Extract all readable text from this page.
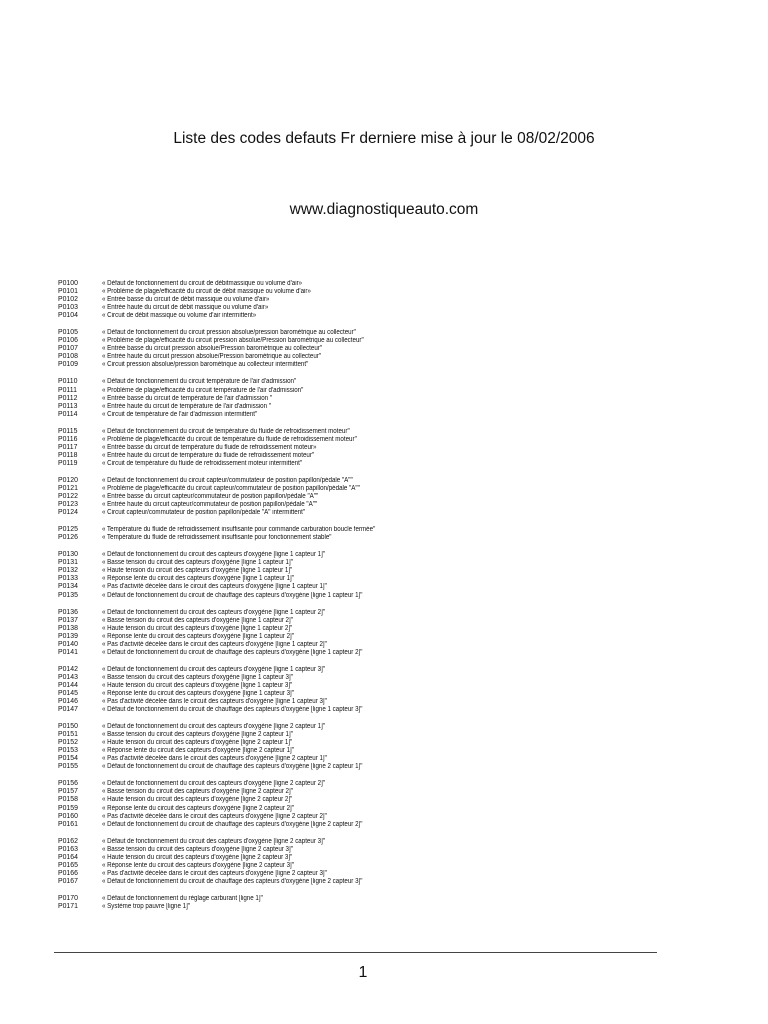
Liste des codes defauts Fr derniere mise à jour le 08/02/2006
www.diagnostiqueauto.com
P0100	« Défaut de fonctionnement du circuit de débitmassique ou volume d'air»
P0101	« Problème de plage/efficacité du circuit de débit massique ou volume d'air»
P0102	« Entrée basse du circuit de débit massique ou volume d'air»
P0103	« Entrée haute du circuit de débit massique ou volume d'air»
P0104	« Circuit de débit massique ou volume d'air intermittent»
P0105	« Défaut de fonctionnement du circuit pression absolue/pression barométrique au collecteur"
P0106	« Problème de plage/efficacité du circuit pression absolue/Pression barométrique au collecteur"
P0107	« Entrée basse du circuit pression absolue/Pression barométrique au collecteur"
P0108	« Entrée haute du circuit pression absolue/Pression barométrique au collecteur"
P0109	« Circuit pression absolue/pression barométrique au collecteur intermittent"
P0110	« Défaut de fonctionnement du circuit température de l'air d'admission"
P0111	« Problème de plage/efficacité du circuit température de l'air d'admission"
P0112	« Entrée basse du circuit de température de l'air d'admission "
P0113	« Entrée haute du circuit de température de l'air d'admission "
P0114	« Circuit de température de l'air d'admission intermittent"
P0115	« Défaut de fonctionnement du circuit de température du fluide de refroidissement moteur"
P0116	« Problème de plage/efficacité du circuit de température du fluide de refroidissement moteur"
P0117	« Entrée basse du circuit de température du fluide de refroidissement moteur»
P0118	« Entrée haute du circuit de température du fluide de refroidissement moteur"
P0119	« Circuit de température du fluide de refroidissement moteur intermittent"
P0120	« Défaut de fonctionnement du circuit capteur/commutateur de position papillon/pédale "A""
P0121	« Problème de plage/efficacité du circuit capteur/commutateur de position papillon/pédale "A""
P0122	« Entrée basse du circuit capteur/commutateur de position papillon/pédale "A""
P0123	« Entrée haute du circuit capteur/commutateur de position papillon/pédale "A""
P0124	« Circuit capteur/commutateur de position papillon/pédale "A" intermittent"
P0125	« Température du fluide de refroidissement insuffisante pour commande carburation boucle fermée"
P0126	« Température du fluide de refroidissement insuffisante pour fonctionnement stable"
P0130	« Défaut de fonctionnement du circuit des capteurs d'oxygène [ligne 1 capteur 1]"
P0131	« Basse tension du circuit des capteurs d'oxygène [ligne 1 capteur 1]"
P0132	« Haute tension du circuit des capteurs d'oxygène [ligne 1 capteur 1]"
P0133	« Réponse lente du circuit des capteurs d'oxygène [ligne 1 capteur 1]"
P0134	« Pas d'activité décelée dans le circuit des capteurs d'oxygène [ligne 1 capteur 1]"
P0135	« Défaut de fonctionnement du circuit de chauffage des capteurs d'oxygène [ligne 1 capteur 1]"
P0136	« Défaut de fonctionnement du circuit des capteurs d'oxygène [ligne 1 capteur 2]"
P0137	« Basse tension du circuit des capteurs d'oxygène [ligne 1 capteur 2]"
P0138	« Haute tension du circuit des capteurs d'oxygène [ligne 1 capteur 2]"
P0139	« Réponse lente du circuit des capteurs d'oxygène [ligne 1 capteur 2]"
P0140	« Pas d'activité décelée dans le circuit des capteurs d'oxygène [ligne 1 capteur 2]"
P0141	« Défaut de fonctionnement du circuit de chauffage des capteurs d'oxygène [ligne 1 capteur 2]"
P0142	« Défaut de fonctionnement du circuit des capteurs d'oxygène [ligne 1 capteur 3]"
P0143	« Basse tension du circuit des capteurs d'oxygène [ligne 1 capteur 3]"
P0144	« Haute tension du circuit des capteurs d'oxygène [ligne 1 capteur 3]"
P0145	« Réponse lente du circuit des capteurs d'oxygène [ligne 1 capteur 3]"
P0146	« Pas d'activité décelée dans le circuit des capteurs d'oxygène [ligne 1 capteur 3]"
P0147	« Défaut de fonctionnement du circuit de chauffage des capteurs d'oxygène [ligne 1 capteur 3]"
P0150	« Défaut de fonctionnement du circuit des capteurs d'oxygène [ligne 2 capteur 1]"
P0151	« Basse tension du circuit des capteurs d'oxygène [ligne 2 capteur 1]"
P0152	« Haute tension du circuit des capteurs d'oxygène [ligne 2 capteur 1]"
P0153	« Réponse lente du circuit des capteurs d'oxygène [ligne 2 capteur 1]"
P0154	« Pas d'activité décelée dans le circuit des capteurs d'oxygène [ligne 2 capteur 1]"
P0155	« Défaut de fonctionnement du circuit de chauffage des capteurs d'oxygène [ligne 2 capteur 1]"
P0156	« Défaut de fonctionnement du circuit des capteurs d'oxygène [ligne 2 capteur 2]"
P0157	« Basse tension du circuit des capteurs d'oxygène [ligne 2 capteur 2]"
P0158	« Haute tension du circuit des capteurs d'oxygène [ligne 2 capteur 2]"
P0159	« Réponse lente du circuit des capteurs d'oxygène [ligne 2 capteur 2]"
P0160	« Pas d'activité décelée dans le circuit des capteurs d'oxygène [ligne 2 capteur 2]"
P0161	« Défaut de fonctionnement du circuit de chauffage des capteurs d'oxygène [ligne 2 capteur 2]"
P0162	« Défaut de fonctionnement du circuit des capteurs d'oxygène [ligne 2 capteur 3]"
P0163	« Basse tension du circuit des capteurs d'oxygène [ligne 2 capteur 3]"
P0164	« Haute tension du circuit des capteurs d'oxygène [ligne 2 capteur 3]"
P0165	« Réponse lente du circuit des capteurs d'oxygène [ligne 2 capteur 3]"
P0166	« Pas d'activité décelée dans le circuit des capteurs d'oxygène [ligne 2 capteur 3]"
P0167	« Défaut de fonctionnement du circuit de chauffage des capteurs d'oxygène [ligne 2 capteur 3]"
P0170	« Défaut de fonctionnement du réglage carburant [ligne 1]"
P0171	« Système trop pauvre [ligne 1]"
1
